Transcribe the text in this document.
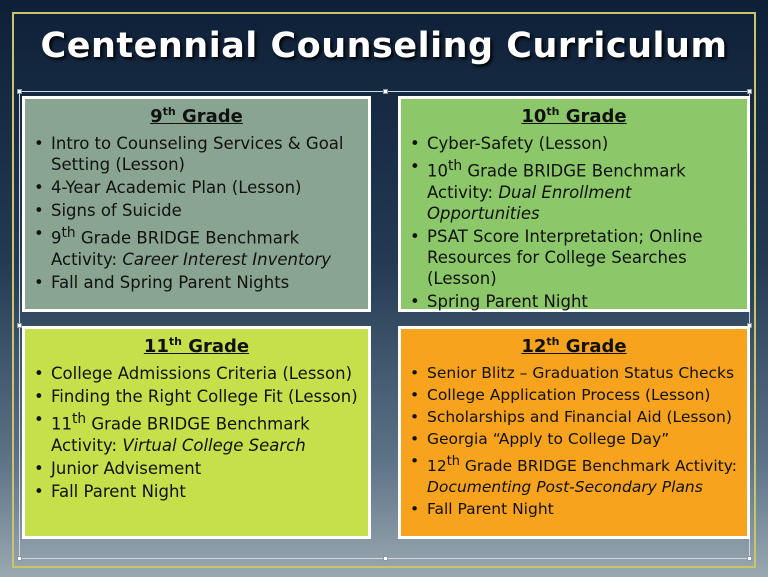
Centennial Counseling Curriculum
9th Grade
• Intro to Counseling Services & Goal Setting (Lesson)
• 4-Year Academic Plan (Lesson)
• Signs of Suicide
• 9th Grade BRIDGE Benchmark Activity: Career Interest Inventory
• Fall and Spring Parent Nights
10th Grade
• Cyber-Safety (Lesson)
• 10th Grade BRIDGE Benchmark Activity: Dual Enrollment Opportunities
• PSAT Score Interpretation; Online Resources for College Searches (Lesson)
• Spring Parent Night
11th Grade
• College Admissions Criteria (Lesson)
• Finding the Right College Fit (Lesson)
• 11th Grade BRIDGE Benchmark Activity: Virtual College Search
• Junior Advisement
• Fall Parent Night
12th Grade
• Senior Blitz – Graduation Status Checks
• College Application Process (Lesson)
• Scholarships and Financial Aid (Lesson)
• Georgia “Apply to College Day”
• 12th Grade BRIDGE Benchmark Activity: Documenting Post-Secondary Plans
• Fall Parent Night
